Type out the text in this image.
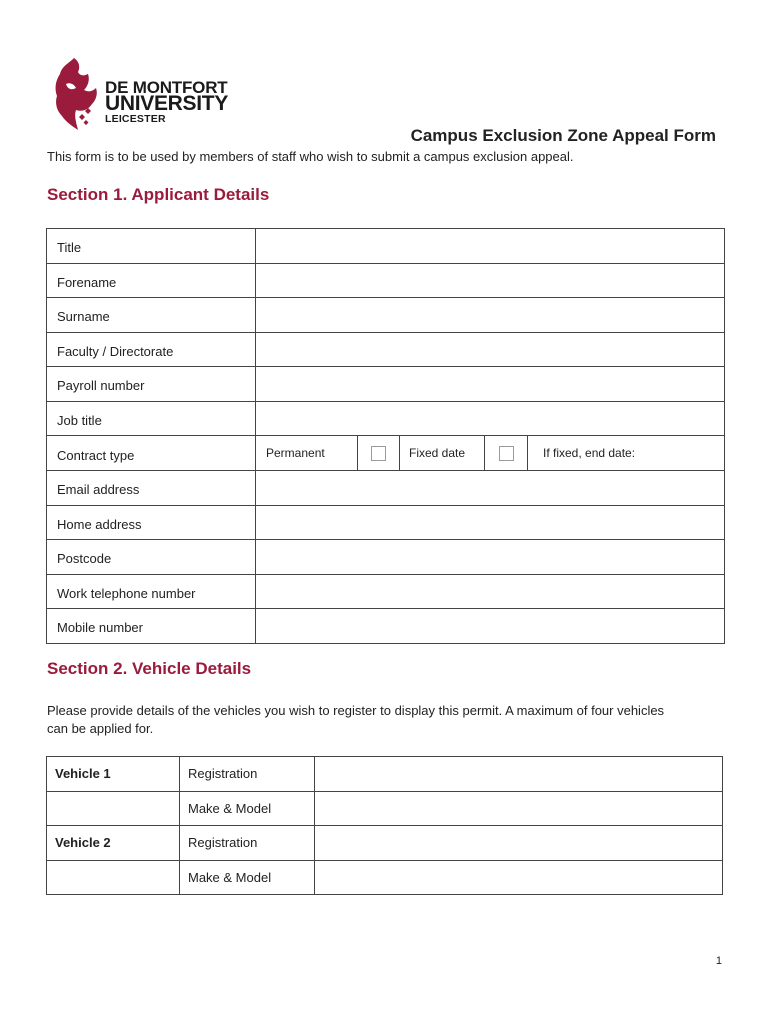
DE MONTFORT
UNIVERSITY
LEICESTER
Campus Exclusion Zone Appeal Form
This form is to be used by members of staff who wish to submit a campus exclusion appeal.
Section 1. Applicant Details
Title	
Forename	
Surname	
Faculty / Directorate	
Payroll number	
Job title	
Contract type	Permanent Fixed date If fixed, end date:

Email address	
Home address	
Postcode	
Work telephone number	
Mobile number	
Section 2. Vehicle Details
Please provide details of the vehicles you wish to register to display this permit. A maximum of four vehicles can be applied for.
Vehicle 1	Registration	
	Make & Model	
Vehicle 2	Registration	
	Make & Model	
1
